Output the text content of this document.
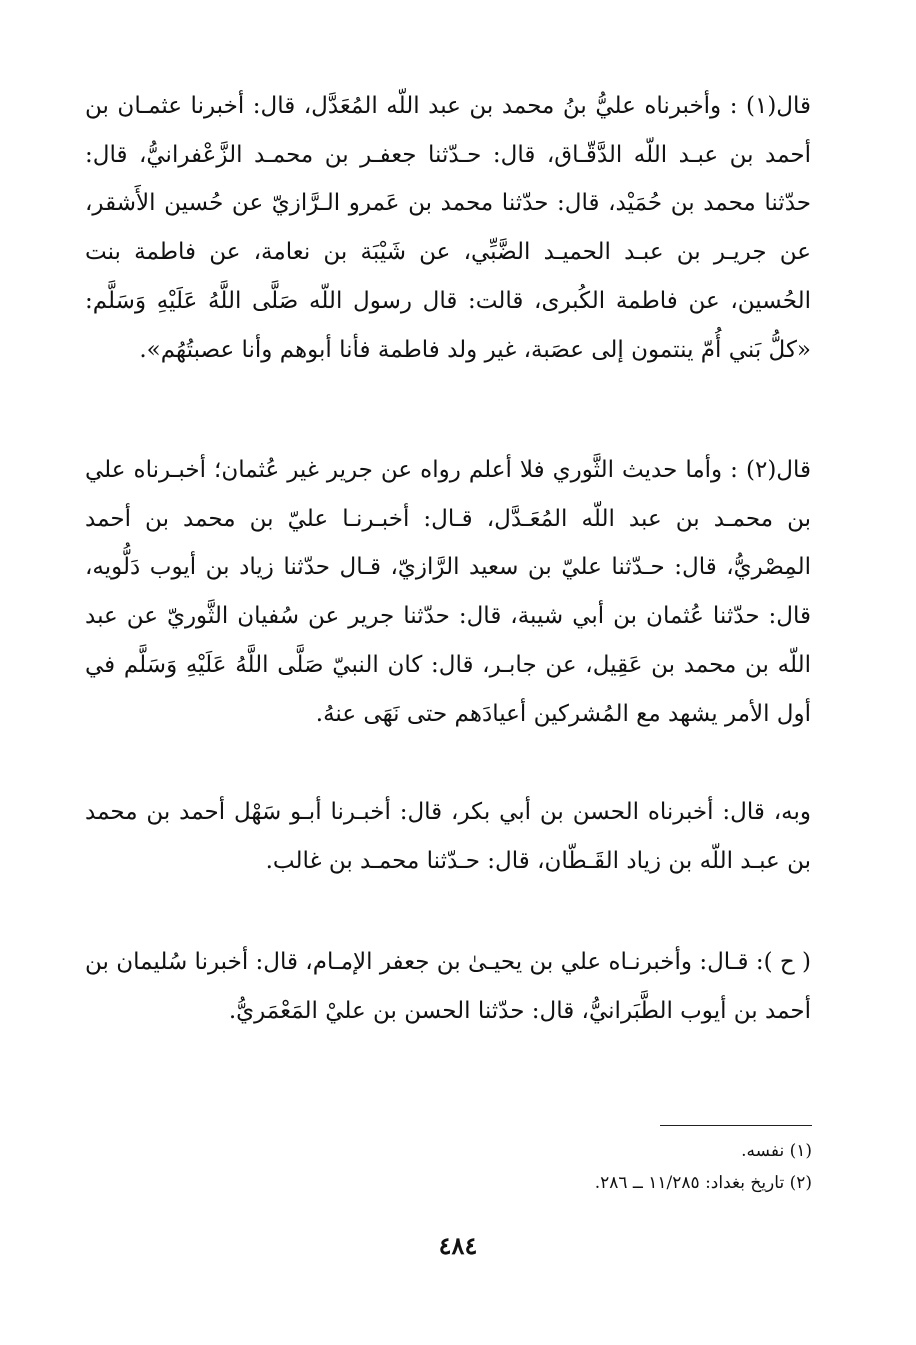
قال(١) : وأخبرناه عليُّ بنُ محمد بن عبد اللّه المُعَدَّل، قال: أخبرنا عثمـان بن أحمد بن عبـد اللّه الدَّقّـاق، قال: حـدّثنا جعفـر بن محمـد الزَّعْفرانيُّ، قال: حدّثنا محمد بن حُمَيْد، قال: حدّثنا محمد بن عَمرو الـرَّازيّ عن حُسين الأَشقر، عن جريـر بن عبـد الحميـد الضَّبِّي، عن شَيْبَة بن نعامة، عن فاطمة بنت الحُسين، عن فاطمة الكُبرى، قالت: قال رسول اللّه صَلَّى اللَّهُ عَلَيْهِ وَسَلَّم: «كلُّ بَني أُمّ ينتمون إلى عصَبة، غير ولد فاطمة فأنا أبوهم وأنا عصبتُهُم».

قال(٢) : وأما حديث الثَّوري فلا أعلم رواه عن جرير غير عُثمان؛ أخبـرناه علي بن محمـد بن عبد اللّه المُعَـدَّل، قـال: أخبـرنـا عليّ بن محمد بن أحمد المِصْريُّ، قال: حـدّثنا عليّ بن سعيد الرَّازيّ، قـال حدّثنا زياد بن أيوب دَلُّويه، قال: حدّثنا عُثمان بن أبي شيبة، قال: حدّثنا جرير عن سُفيان الثَّوريّ عن عبد اللّه بن محمد بن عَقِيل، عن جابـر، قال: كان النبيّ صَلَّى اللَّهُ عَلَيْهِ وَسَلَّم في أول الأمر يشهد مع المُشركين أعيادَهم حتى نَهَى عنهُ.

وبه، قال: أخبرناه الحسن بن أبي بكر، قال: أخبـرنا أبـو سَهْل أحمد بن محمد بن عبـد اللّه بن زياد القَـطّان، قال: حـدّثنا محمـد بن غالب.

( ح ): قـال: وأخبرنـاه علي بن يحيـىٰ بن جعفر الإمـام، قال: أخبرنا سُليمان بن أحمد بن أيوب الطَّبَرانيُّ، قال: حدّثنا الحسن بن عليْ المَعْمَريُّ.

(١) نفسه.

(٢) تاريخ بغداد: ١١/٢٨٥ ــ ٢٨٦.

٤٨٤
